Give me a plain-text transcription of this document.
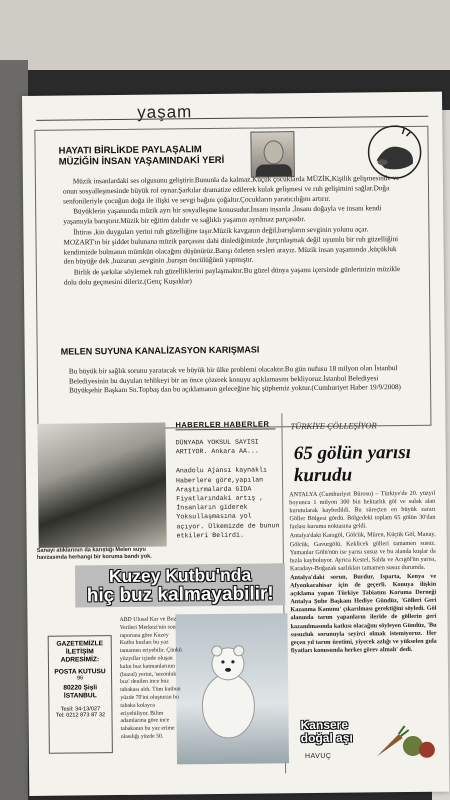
yaşam
HAYATI BİRLİKDE PAYLAŞALIM
MÜZİĞİN İNSAN YAŞAMINDAKİ YERİ

Müzik insanlardaki ses olgusunu geliştirir.Bununla da kalmaz.Küçük çocuklarda MÜZİK,Kişilik gelişmesinde ve onun sosyalleşmesinde büyük rol oynar.Şarkılar dramatize edilerek kulak gelişmesi ve ruh gelişimini sağlar.Doğa senfonileriyle çocuğun doğa ile ilişki ve sevgi bağını çoğaltır.Çocukların yaratıcılığını artırır.

Büyüklerin yaşamında müzik ayrı bir sosyalleşme konusudur.İnsanı insanla ,İnsanı doğayla ve insanı kendi yaşamıyla barıştırır.Müzik bir eğitim dalıdır ve sağlıklı yaşamın ayrılmaz parçasıdır.

İhtiras ,kin duyguları yerini ruh güzelliğine taşır.Müzik kavganın değil,barışların sevginin yolunu açar. MOZART'ın bir şiddet bulunana müzik parçasını dahi dinlediğimizde ,hırçınlaşmak değil uyumlu bir ruh güzelliğini kendimizde bulmanın mümkün olacağını düşünürüz.Barışı özleten sesleri arayız. Müzik insan yaşamında ,küçükluk den büyüğe dek ,huzurun ,sevginin ,barışın öncülüğünü yapmıştır.

Birlik de şarkılar söylemek ruh güzelliklerini paylaşmaktır.Bu güzel dünya yaşamı içersinde günlerinizin müzikle dolu dolu geçmesini dileriz.(Genç Kuşaklar)

MELEN SUYUNA KANALİZASYON KARIŞMASI
Bu büyük bir sağlık sorunu yaratacak ve büyük bir ülke problemi olacaktır.Bu gün nufusu 18 milyon olan İstanbul Belediyesinin bu duyulan tehlikeyi bir an önce çözerek konuyu açıklamasını bekliyoruz.İstanbul Belediyesi Büyükşehir Başkanı Sn.Topbaş dan bu açıklamanın geleceğine hiç şüphemiz yoktur.(Cumhuriyet Haber 19/9/2008)
Sanayi atıklarının da karıştığı Melen suyu havzasında herhangi bir koruma bandı yok.
HABERLER HABERLER
DÜNYADA YOKSUL SAYISI ARTIYOR. Ankara AA...
Anadolu Ajansı kaynaklı Haberlere göre,yapılan Araştırmalarda GIDA Fiyatlarındaki artış , İnsanların giderek Yoksullaşmasına yol açıyor. Ülkemizde de bunun etkileri Belirdi.
TÜRKİYE ÇÖLLEŞİYOR
65 gölün yarısı kurudu

ANTALYA (Cumhuriyet Bürosu) – Türkiye'de 20. yüzyıl boyunca 1 milyon 300 bin hektarlık göl ve sulak alan kurutularak kaybedildi. Bu süreçten en büyük zararı Göller Bölgesi gördü. Bölgedeki toplam 65 gölün 30'dan fazlası kuruma noktasına geldi.

Antalya'daki Karagöl, Gölcük, Müren, Küçük Göl, Manay, Gölcük, Gavurgölü, Keklicek gölleri tamamen susuz. Yamanlar Gölü'nün ise yarısı susuz ve bu alanda kuşlar da hızla kayboluyor. Ayrıca Kestel, Salda ve Acıgöl'ün yarısı, Karadayı-Boğazak sazlıkları tamamen susuz durumda.

Antalya'daki sorun, Burdur, Isparta, Kenya ve Afyonkarahisar için de geçerli. Konuya ilişkin açıklama yapan Türkiye Tabiatını Koruma Derneği Antalya Şube Başkanı Hediye Gündüz, 'Gölleri Geri Kazanma Kanunu' çıkarılması gerektiğini söyledi. Göl alanında tarım yapanların ileride de göllerin geri kazanılmasında katkısı olacağını söyleyen Gündüz, 'Bu susuzluk sorunuyla seyirci olmak istemiyoruz. Her geçen yıl tarım üretimi, yiyecek azlığı ve yükselen gıda fiyatları konusunda herkes görev almalı' dedi.

Kuzey Kutbu'nda
hiç buz kalmayabilir!
ABD Ulusal Kar ve Buz Verileri Merkezi'nin son raporuna göre Kuzey Kutbu buzları bu yaz tamamen eriyebilir. Çünkü yüzyıllar içinde oluşan kalın buz katmanlarının (buzul) yerini, 'sezonluk buz' denilen ince buz tabakası aldı. Tüm kutbun yüzde 70'ini oluşturan bu tabaka kolayca eriyebiliyor. Bilim adamlarına göre ince tabakanın bu yaz erime olasılığı yüzde 50.
GAZETEMİZLE İLETİŞİM ADRESİMİZ:
POSTA KUTUSU
96
80220 Şişli İSTANBUL
Tesil: 34-13/027
Tel: 0212 873 87 32
Kansere
doğal aşı
HAVUÇ
